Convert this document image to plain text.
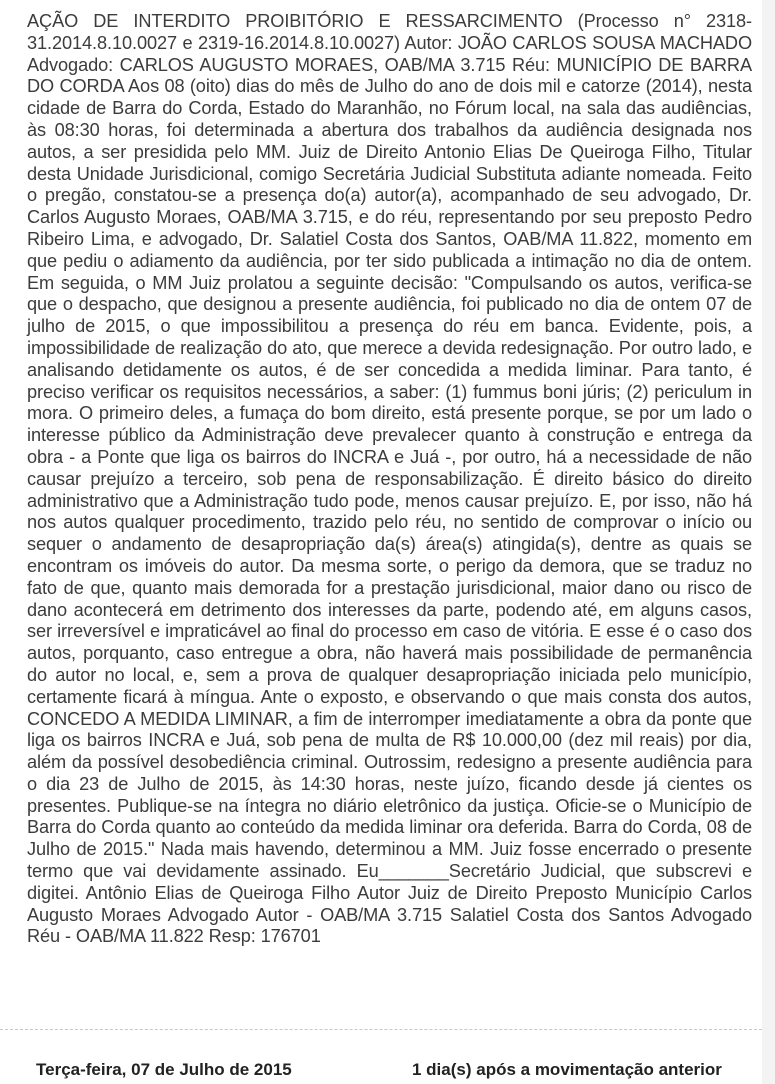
AÇÃO DE INTERDITO PROIBITÓRIO E RESSARCIMENTO (Processo n° 2318-31.2014.8.10.0027 e 2319-16.2014.8.10.0027) Autor: JOÃO CARLOS SOUSA MACHADO Advogado: CARLOS AUGUSTO MORAES, OAB/MA 3.715 Réu: MUNICÍPIO DE BARRA DO CORDA Aos 08 (oito) dias do mês de Julho do ano de dois mil e catorze (2014), nesta cidade de Barra do Corda, Estado do Maranhão, no Fórum local, na sala das audiências, às 08:30 horas, foi determinada a abertura dos trabalhos da audiência designada nos autos, a ser presidida pelo MM. Juiz de Direito Antonio Elias De Queiroga Filho, Titular desta Unidade Jurisdicional, comigo Secretária Judicial Substituta adiante nomeada. Feito o pregão, constatou-se a presença do(a) autor(a), acompanhado de seu advogado, Dr. Carlos Augusto Moraes, OAB/MA 3.715, e do réu, representando por seu preposto Pedro Ribeiro Lima, e advogado, Dr. Salatiel Costa dos Santos, OAB/MA 11.822, momento em que pediu o adiamento da audiência, por ter sido publicada a intimação no dia de ontem. Em seguida, o MM Juiz prolatou a seguinte decisão: "Compulsando os autos, verifica-se que o despacho, que designou a presente audiência, foi publicado no dia de ontem 07 de julho de 2015, o que impossibilitou a presença do réu em banca. Evidente, pois, a impossibilidade de realização do ato, que merece a devida redesignação. Por outro lado, e analisando detidamente os autos, é de ser concedida a medida liminar. Para tanto, é preciso verificar os requisitos necessários, a saber: (1) fummus boni júris; (2) periculum in mora. O primeiro deles, a fumaça do bom direito, está presente porque, se por um lado o interesse público da Administração deve prevalecer quanto à construção e entrega da obra - a Ponte que liga os bairros do INCRA e Juá -, por outro, há a necessidade de não causar prejuízo a terceiro, sob pena de responsabilização. É direito básico do direito administrativo que a Administração tudo pode, menos causar prejuízo. E, por isso, não há nos autos qualquer procedimento, trazido pelo réu, no sentido de comprovar o início ou sequer o andamento de desapropriação da(s) área(s) atingida(s), dentre as quais se encontram os imóveis do autor. Da mesma sorte, o perigo da demora, que se traduz no fato de que, quanto mais demorada for a prestação jurisdicional, maior dano ou risco de dano acontecerá em detrimento dos interesses da parte, podendo até, em alguns casos, ser irreversível e impraticável ao final do processo em caso de vitória. E esse é o caso dos autos, porquanto, caso entregue a obra, não haverá mais possibilidade de permanência do autor no local, e, sem a prova de qualquer desapropriação iniciada pelo município, certamente ficará à míngua. Ante o exposto, e observando o que mais consta dos autos, CONCEDO A MEDIDA LIMINAR, a fim de interromper imediatamente a obra da ponte que liga os bairros INCRA e Juá, sob pena de multa de R$ 10.000,00 (dez mil reais) por dia, além da possível desobediência criminal. Outrossim, redesigno a presente audiência para o dia 23 de Julho de 2015, às 14:30 horas, neste juízo, ficando desde já cientes os presentes. Publique-se na íntegra no diário eletrônico da justiça. Oficie-se o Município de Barra do Corda quanto ao conteúdo da medida liminar ora deferida. Barra do Corda, 08 de Julho de 2015." Nada mais havendo, determinou a MM. Juiz fosse encerrado o presente termo que vai devidamente assinado. Eu_______Secretário Judicial, que subscrevi e digitei. Antônio Elias de Queiroga Filho Autor Juiz de Direito Preposto Município Carlos Augusto Moraes Advogado Autor - OAB/MA 3.715 Salatiel Costa dos Santos Advogado Réu - OAB/MA 11.822 Resp: 176701

Terça-feira, 07 de Julho de 2015	1 dia(s) após a movimentação anterior
